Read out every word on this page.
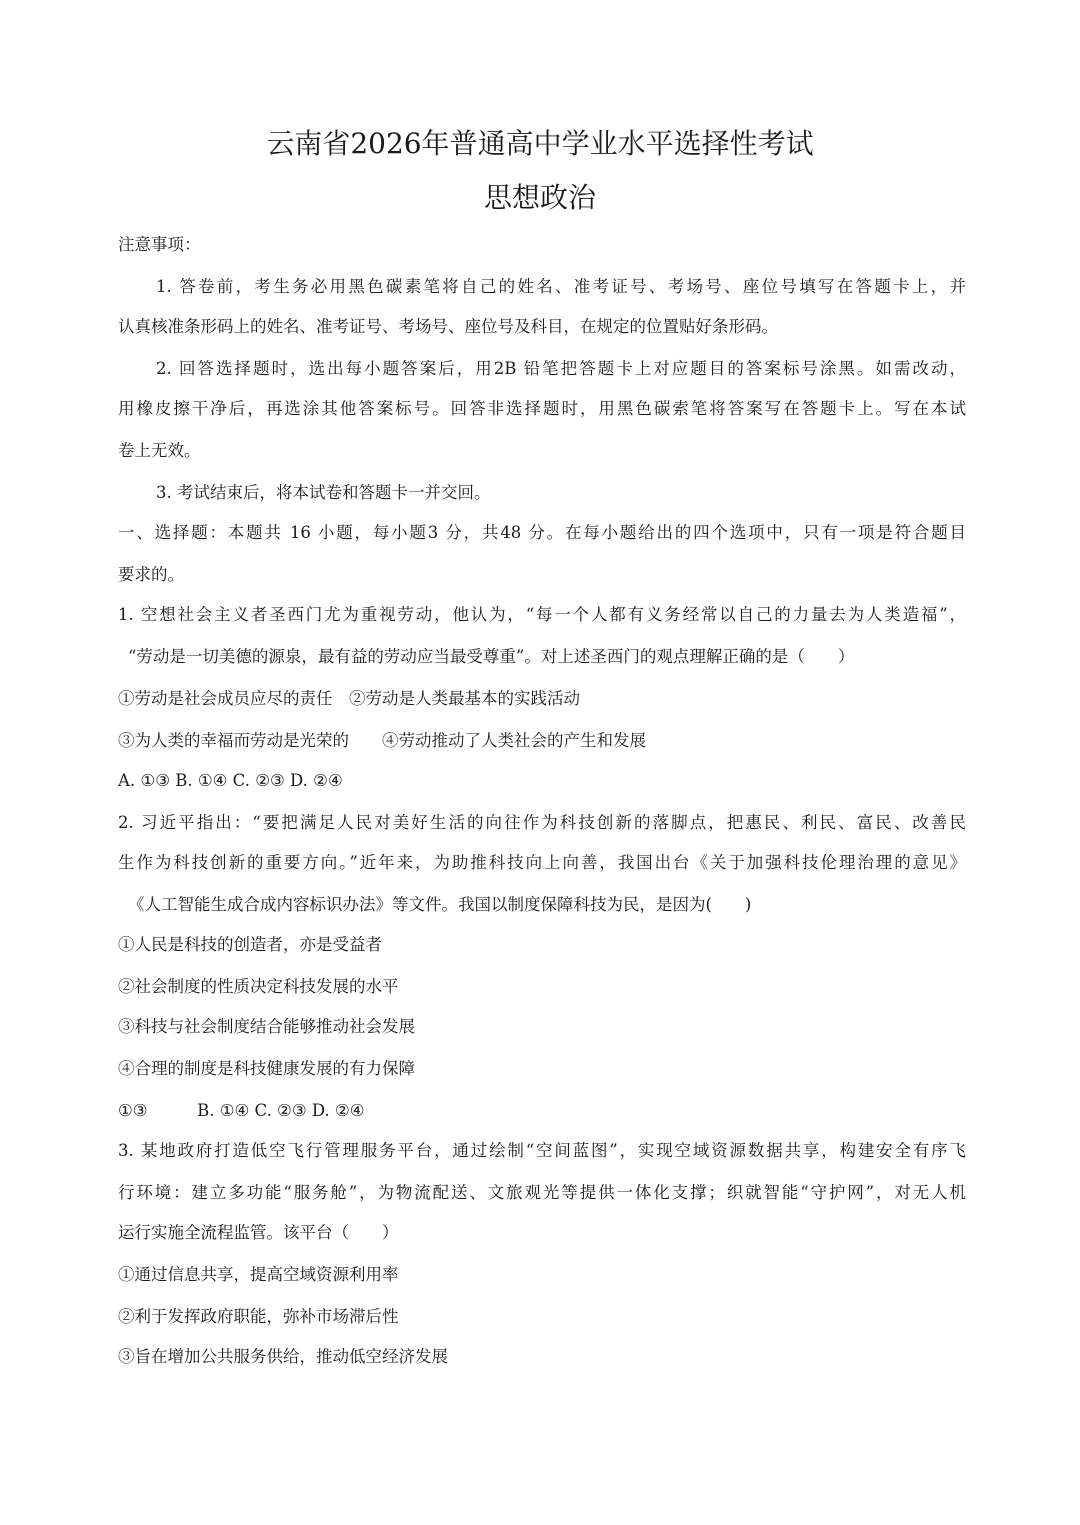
云南省2026年普通高中学业水平选择性考试
思想政治
注意事项：
1. 答卷前，考生务必用黑色碳素笔将自己的姓名、准考证号、考场号、座位号填写在答题卡上，并
认真核准条形码上的姓名、准考证号、考场号、座位号及科目，在规定的位置贴好条形码。
2. 回答选择题时，选出每小题答案后，用2B 铅笔把答题卡上对应题目的答案标号涂黑。如需改动，
用橡皮擦干净后，再选涂其他答案标号。回答非选择题时，用黑色碳索笔将答案写在答题卡上。写在本试
卷上无效。
3. 考试结束后，将本试卷和答题卡一并交回。
一、选择题：本题共 16 小题，每小题3 分，共48 分。在每小题给出的四个选项中，只有一项是符合题目
要求的。
1. 空想社会主义者圣西门尤为重视劳动，他认为，“每一个人都有义务经常以自己的力量去为人类造福”，
“劳动是一切美德的源泉，最有益的劳动应当最受尊重”。对上述圣西门的观点理解正确的是（　　）
①劳动是社会成员应尽的责任　②劳动是人类最基本的实践活动
③为人类的幸福而劳动是光荣的　　④劳动推动了人类社会的产生和发展
A. ①③ B. ①④ C. ②③ D. ②④
2. 习近平指出：“要把满足人民对美好生活的向往作为科技创新的落脚点，把惠民、利民、富民、改善民
生作为科技创新的重要方向。”近年来，为助推科技向上向善，我国出台《关于加强科技伦理治理的意见》
《人工智能生成合成内容标识办法》等文件。我国以制度保障科技为民，是因为(　　)
①人民是科技的创造者，亦是受益者
②社会制度的性质决定科技发展的水平
③科技与社会制度结合能够推动社会发展
④合理的制度是科技健康发展的有力保障
①③　　　B. ①④ C. ②③ D. ②④
3. 某地政府打造低空飞行管理服务平台，通过绘制“空间蓝图”，实现空域资源数据共享，构建安全有序飞
行环境：建立多功能“服务舱”，为物流配送、文旅观光等提供一体化支撑；织就智能“守护网”，对无人机
运行实施全流程监管。该平台（　　）
①通过信息共享，提高空域资源利用率
②利于发挥政府职能，弥补市场滞后性
③旨在增加公共服务供给，推动低空经济发展
